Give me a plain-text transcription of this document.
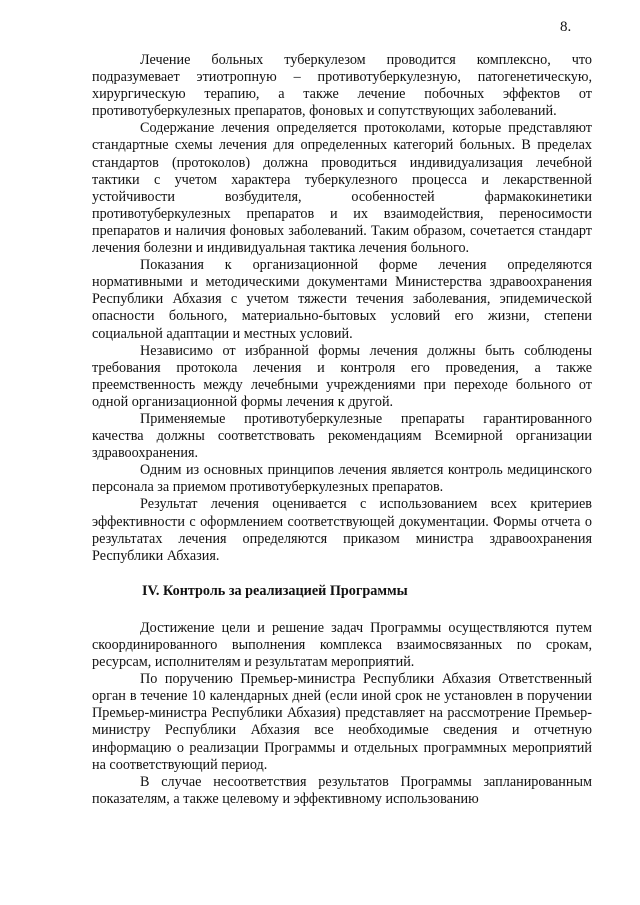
8.

Лечение больных туберкулезом проводится комплексно, что подразумевает этиотропную – противотуберкулезную, патогенетическую, хирургическую терапию, а также лечение побочных эффектов от противотуберкулезных препаратов, фоновых и сопутствующих заболеваний.

Содержание лечения определяется протоколами, которые представляют стандартные схемы лечения для определенных категорий больных. В пределах стандартов (протоколов) должна проводиться индивидуализация лечебной тактики с учетом характера туберкулезного процесса и лекарственной устойчивости возбудителя, особенностей фармакокинетики противотуберкулезных препаратов и их взаимодействия, переносимости препаратов и наличия фоновых заболеваний. Таким образом, сочетается стандарт лечения болезни и индивидуальная тактика лечения больного.

Показания к организационной форме лечения определяются нормативными и методическими документами Министерства здравоохранения Республики Абхазия с учетом тяжести течения заболевания, эпидемической опасности больного, материально-бытовых условий его жизни, степени социальной адаптации и местных условий.

Независимо от избранной формы лечения должны быть соблюдены требования протокола лечения и контроля его проведения, а также преемственность между лечебными учреждениями при переходе больного от одной организационной формы лечения к другой.

Применяемые противотуберкулезные препараты гарантированного качества должны соответствовать рекомендациям Всемирной организации здравоохранения.

Одним из основных принципов лечения является контроль медицинского персонала за приемом противотуберкулезных препаратов.

Результат лечения оценивается с использованием всех критериев эффективности с оформлением соответствующей документации. Формы отчета о результатах лечения определяются приказом министра здравоохранения Республики Абхазия.

IV. Контроль за реализацией Программы

Достижение цели и решение задач Программы осуществляются путем скоординированного выполнения комплекса взаимосвязанных по срокам, ресурсам, исполнителям и результатам мероприятий.

По поручению Премьер-министра Республики Абхазия Ответственный орган в течение 10 календарных дней (если иной срок не установлен в поручении Премьер-министра Республики Абхазия) представляет на рассмотрение Премьер-министру Республики Абхазия все необходимые сведения и отчетную информацию о реализации Программы и отдельных программных мероприятий на соответствующий период.

В случае несоответствия результатов Программы запланированным показателям, а также целевому и эффективному использованию
